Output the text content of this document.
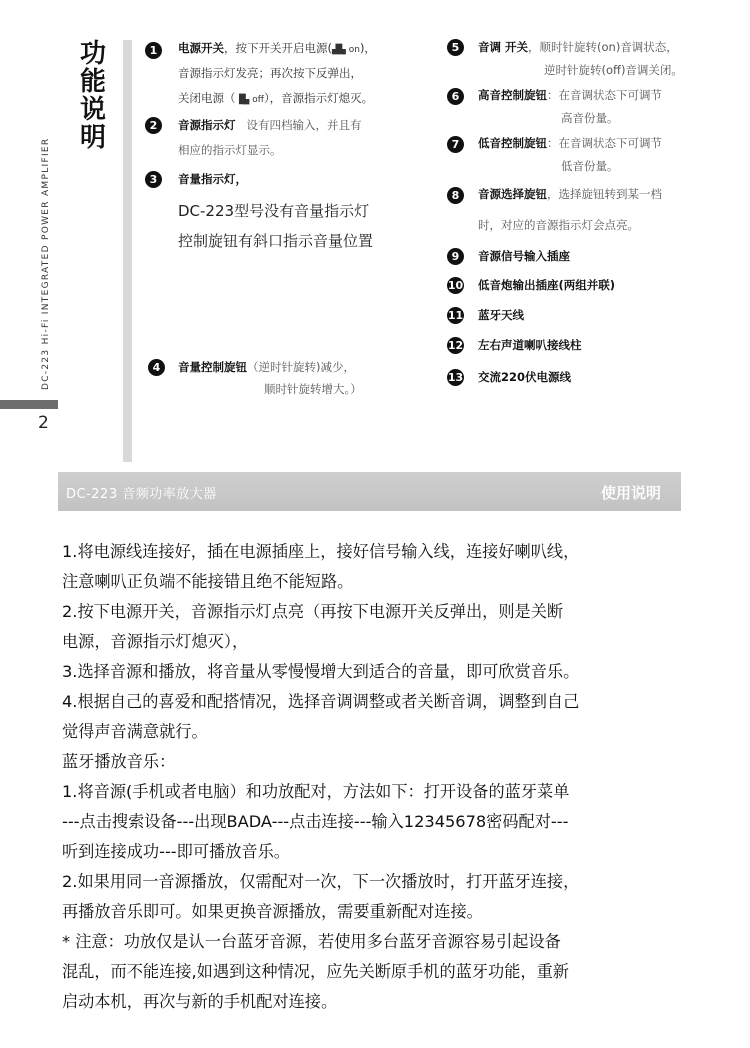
DC-223 Hi-Fi INTEGRATED POWER AMPLIFIER
2
功
能
说
明
1	电源开关，按下开关开启电源(▟▙ on)，
音源指示灯发亮；再次按下反弹出，
关闭电源（▐▙ off），音源指示灯熄灭。
2	音源指示灯 设有四档输入，并且有
相应的指示灯显示。
3	音量指示灯，
DC-223型号没有音量指示灯
控制旋钮有斜口指示音量位置
4	音量控制旋钮（逆时针旋转)减少，
顺时针旋转增大。）
5	音调 开关，顺时针旋转(on)音调状态，
逆时针旋转(off)音调关闭。
6	高音控制旋钮：在音调状态下可调节
高音份量。
7	低音控制旋钮：在音调状态下可调节
低音份量。
8	音源选择旋钮，选择旋钮转到某一档
时，对应的音源指示灯会点亮。
9	音源信号输入插座
10 低音炮输出插座(两组并联)
11 蓝牙天线
12 左右声道喇叭接线柱
13 交流220伏电源线
DC-223 音频功率放大器	使用说明
1.将电源线连接好，插在电源插座上，接好信号输入线，连接好喇叭线，
注意喇叭正负端不能接错且绝不能短路。
2.按下电源开关，音源指示灯点亮（再按下电源开关反弹出，则是关断
电源，音源指示灯熄灭），
3.选择音源和播放，将音量从零慢慢增大到适合的音量，即可欣赏音乐。
4.根据自己的喜爱和配搭情况，选择音调调整或者关断音调，调整到自己
觉得声音满意就行。
蓝牙播放音乐：
1.将音源(手机或者电脑）和功放配对，方法如下：打开设备的蓝牙菜单
---点击搜索设备---出现BADA---点击连接---输入12345678密码配对---
听到连接成功---即可播放音乐。
2.如果用同一音源播放，仅需配对一次，下一次播放时，打开蓝牙连接，
再播放音乐即可。如果更换音源播放，需要重新配对连接。
* 注意：功放仅是认一台蓝牙音源，若使用多台蓝牙音源容易引起设备
混乱，而不能连接,如遇到这种情况，应先关断原手机的蓝牙功能，重新
启动本机，再次与新的手机配对连接。
